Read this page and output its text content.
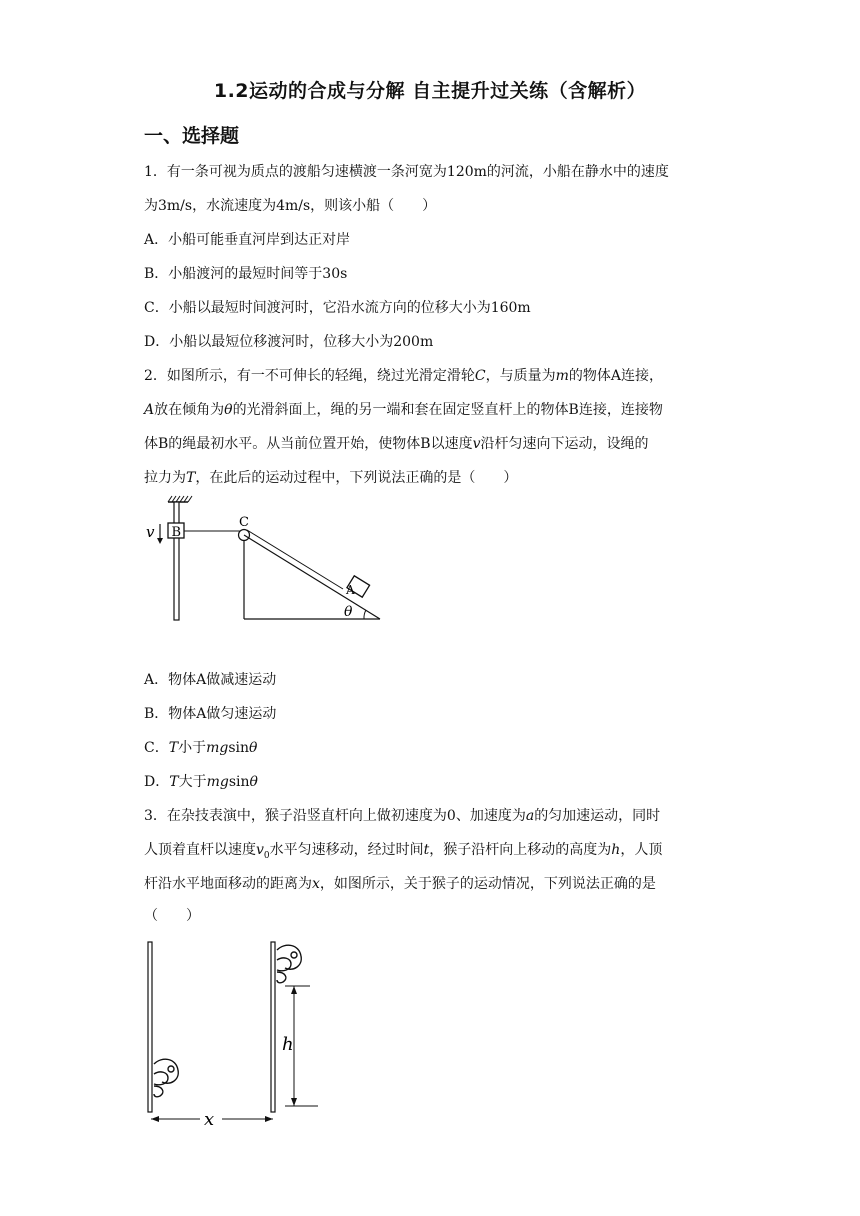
1.2运动的合成与分解 自主提升过关练（含解析）
一、选择题
1．有一条可视为质点的渡船匀速横渡一条河宽为120m的河流，小船在静水中的速度
为3m/s，水流速度为4m/s，则该小船（　　）
A．小船可能垂直河岸到达正对岸
B．小船渡河的最短时间等于30s
C．小船以最短时间渡河时，它沿水流方向的位移大小为160m
D．小船以最短位移渡河时，位移大小为200m
2．如图所示，有一不可伸长的轻绳，绕过光滑定滑轮C，与质量为m的物体A连接，
A放在倾角为θ的光滑斜面上，绳的另一端和套在固定竖直杆上的物体B连接，连接物
体B的绳最初水平。从当前位置开始，使物体B以速度v沿杆匀速向下运动，设绳的
拉力为T，在此后的运动过程中，下列说法正确的是（　　）
B
v
C
A
θ
A．物体A做减速运动
B．物体A做匀速运动
C．T小于mgsinθ
D．T大于mgsinθ
3．在杂技表演中，猴子沿竖直杆向上做初速度为0、加速度为a的匀加速运动，同时
人顶着直杆以速度$v_0$水平匀速移动，经过时间t，猴子沿杆向上移动的高度为h，人顶
杆沿水平地面移动的距离为x，如图所示，关于猴子的运动情况，下列说法正确的是
（　　）
h
x
